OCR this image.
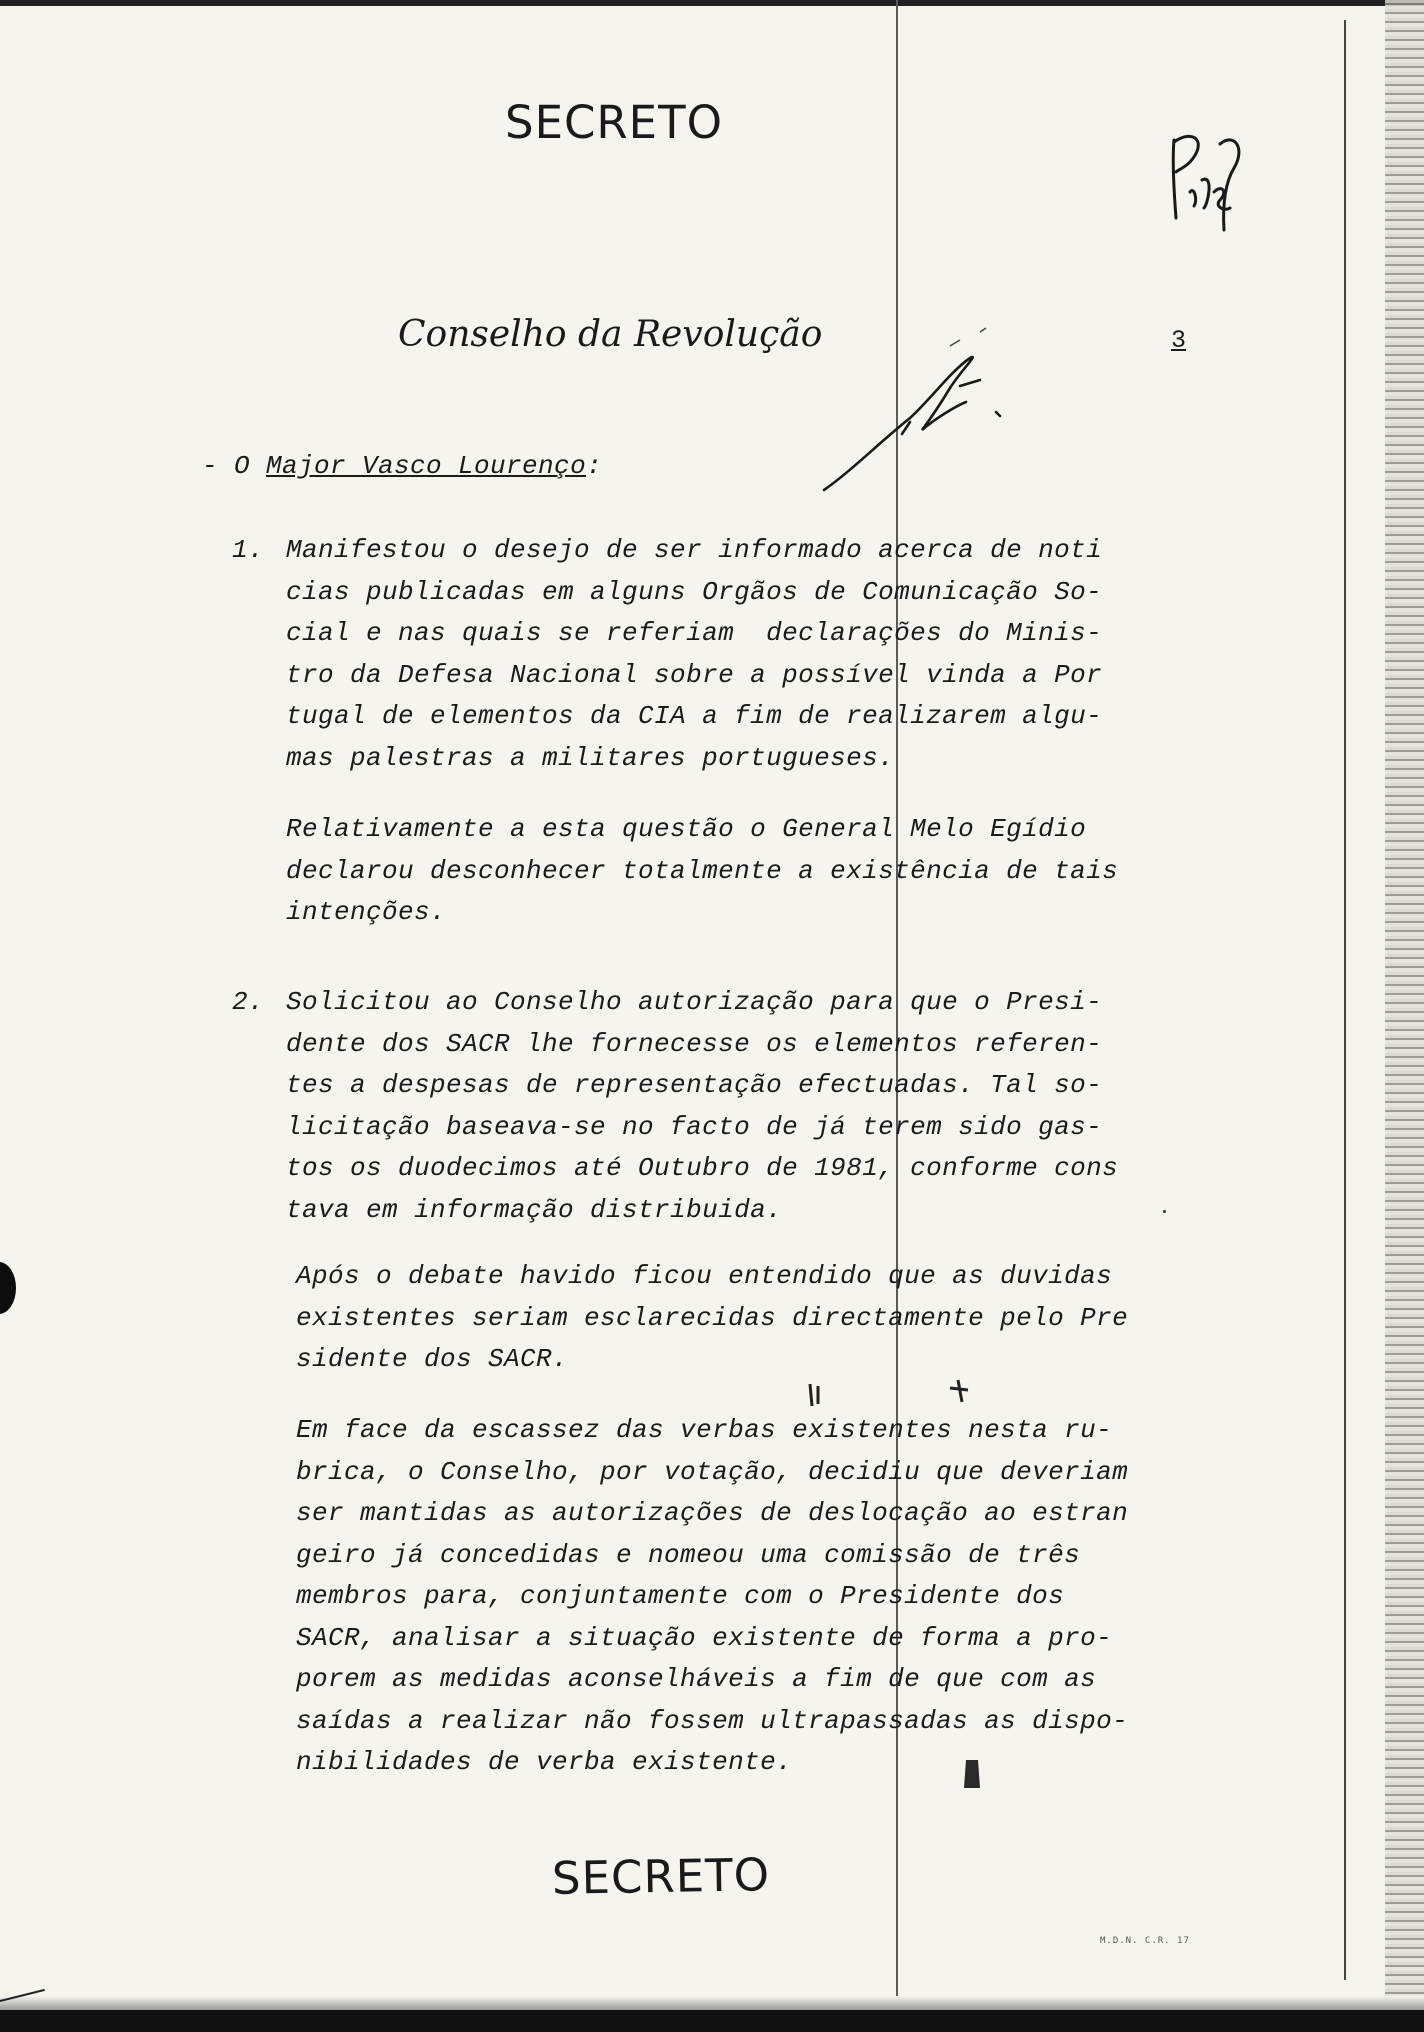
SECRETO
Conselho da Revolução	3
- O Major Vasco Lourenço:
1. Manifestou o desejo de ser informado acerca de noti
cias publicadas em alguns Orgãos de Comunicação So-
cial e nas quais se referiam  declarações do Minis-
tro da Defesa Nacional sobre a possível vinda a Por
tugal de elementos da CIA a fim de realizarem algu-
mas palestras a militares portugueses.
Relativamente a esta questão o General Melo Egídio
declarou desconhecer totalmente a existência de tais
intenções.
2. Solicitou ao Conselho autorização para que o Presi-
dente dos SACR lhe fornecesse os elementos referen-
tes a despesas de representação efectuadas. Tal so-
licitação baseava-se no facto de já terem sido gas-
tos os duodecimos até Outubro de 1981, conforme cons
tava em informação distribuida.
Após o debate havido ficou entendido que as duvidas
existentes seriam esclarecidas directamente pelo Pre
sidente dos SACR.
Em face da escassez das verbas existentes nesta ru-
brica, o Conselho, por votação, decidiu que deveriam
ser mantidas as autorizações de deslocação ao estran
geiro já concedidas e nomeou uma comissão de três
membros para, conjuntamente com o Presidente dos
SACR, analisar a situação existente de forma a pro-
porem as medidas aconselháveis a fim de que com as
saídas a realizar não fossem ultrapassadas as dispo-
nibilidades de verba existente.
SECRETO
M.D.N. C.R. 17
